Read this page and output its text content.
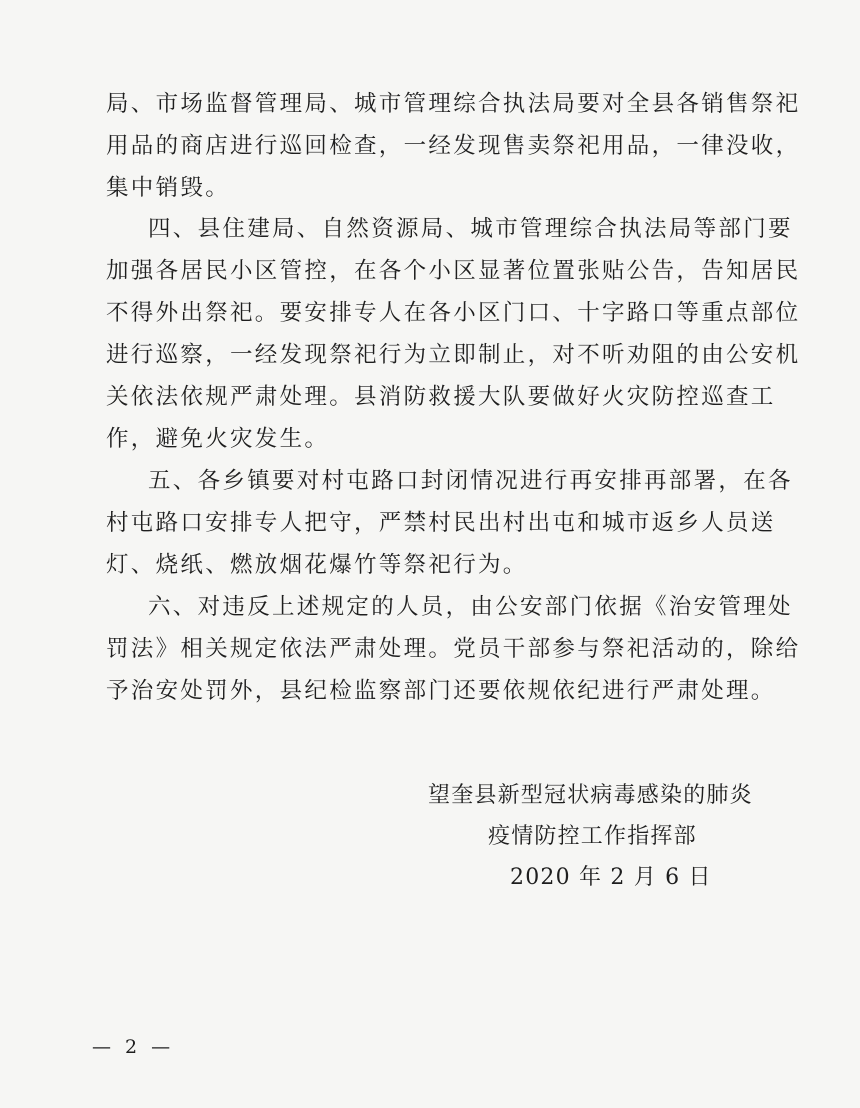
局、市场监督管理局、城市管理综合执法局要对全县各销售祭祀
用品的商店进行巡回检查，一经发现售卖祭祀用品，一律没收，
集中销毁。
四、县住建局、自然资源局、城市管理综合执法局等部门要
加强各居民小区管控，在各个小区显著位置张贴公告，告知居民
不得外出祭祀。要安排专人在各小区门口、十字路口等重点部位
进行巡察，一经发现祭祀行为立即制止，对不听劝阻的由公安机
关依法依规严肃处理。县消防救援大队要做好火灾防控巡查工
作，避免火灾发生。
五、各乡镇要对村屯路口封闭情况进行再安排再部署，在各
村屯路口安排专人把守，严禁村民出村出屯和城市返乡人员送
灯、烧纸、燃放烟花爆竹等祭祀行为。
六、对违反上述规定的人员，由公安部门依据《治安管理处
罚法》相关规定依法严肃处理。党员干部参与祭祀活动的，除给
予治安处罚外，县纪检监察部门还要依规依纪进行严肃处理。
望奎县新型冠状病毒感染的肺炎
疫情防控工作指挥部
2020 年 2 月 6 日
— 2 —
